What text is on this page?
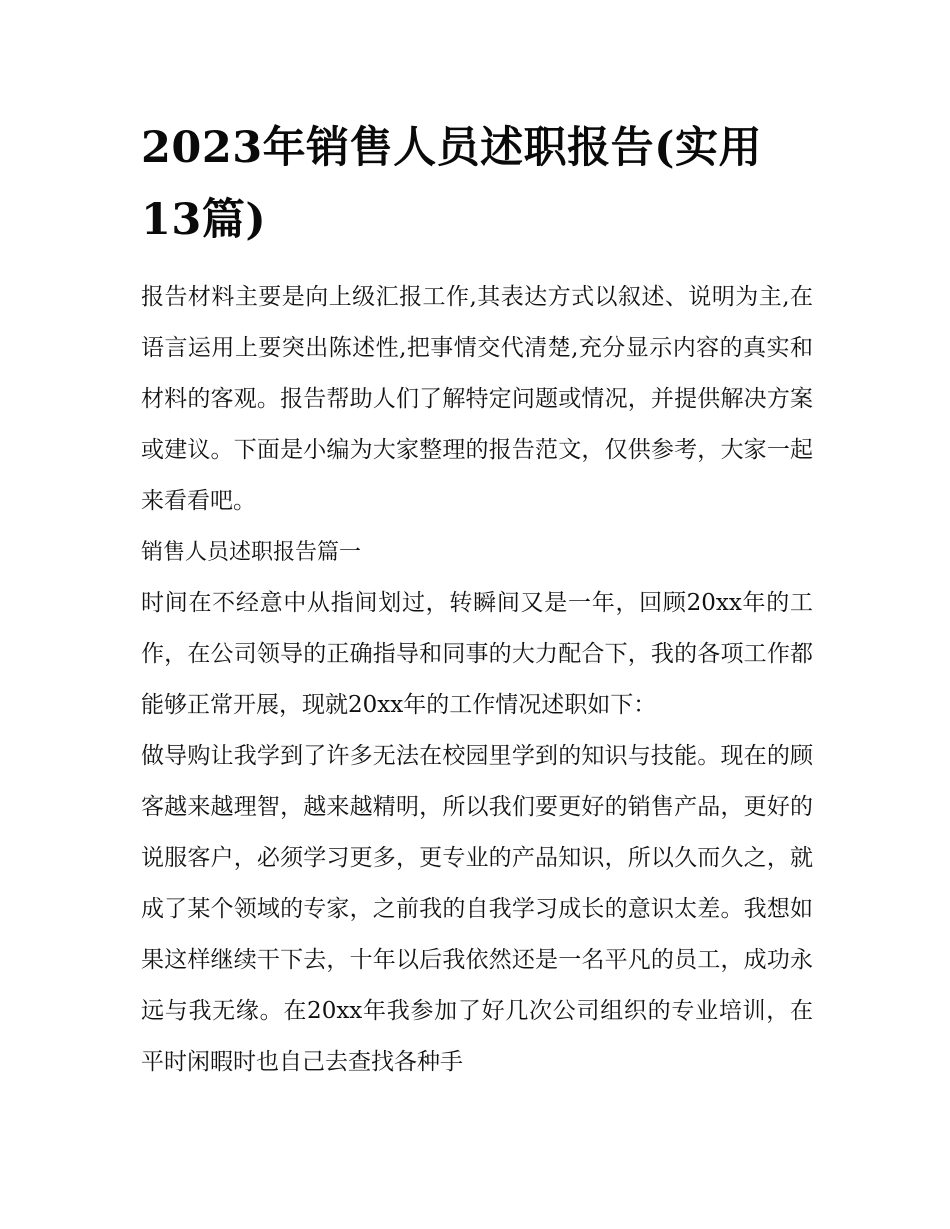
2023年销售人员述职报告(实用13篇)

报告材料主要是向上级汇报工作,其表达方式以叙述、说明为主,在语言运用上要突出陈述性,把事情交代清楚,充分显示内容的真实和材料的客观。报告帮助人们了解特定问题或情况，并提供解决方案或建议。下面是小编为大家整理的报告范文，仅供参考，大家一起来看看吧。

销售人员述职报告篇一

时间在不经意中从指间划过，转瞬间又是一年，回顾20xx年的工作，在公司领导的正确指导和同事的大力配合下，我的各项工作都能够正常开展，现就20xx年的工作情况述职如下：

做导购让我学到了许多无法在校园里学到的知识与技能。现在的顾客越来越理智，越来越精明，所以我们要更好的销售产品，更好的说服客户，必须学习更多，更专业的产品知识，所以久而久之，就成了某个领域的专家，之前我的自我学习成长的意识太差。我想如果这样继续干下去，十年以后我依然还是一名平凡的员工，成功永远与我无缘。在20xx年我参加了好几次公司组织的专业培训，在平时闲暇时也自己去查找各种手
